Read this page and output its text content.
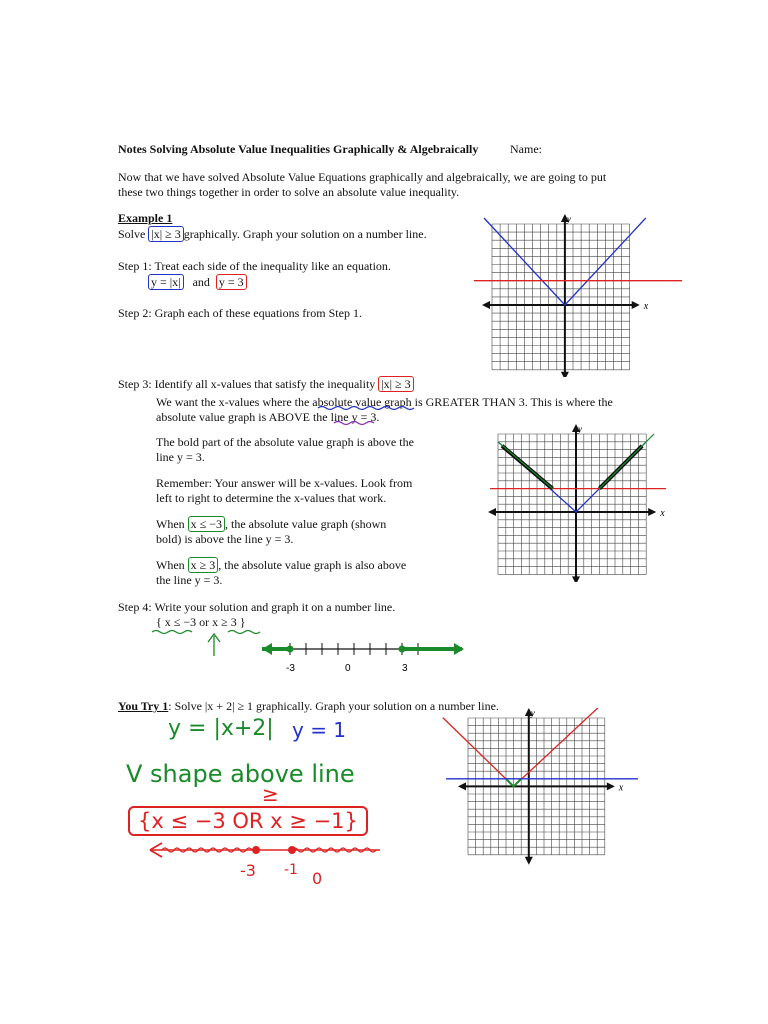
Notes Solving Absolute Value Inequalities Graphically & Algebraically	Name:
Now that we have solved Absolute Value Equations graphically and algebraically, we are going to put
these two things together in order to solve an absolute value inequality.
Example 1
Solve |x| ≥ 3 graphically. Graph your solution on a number line.
Step 1: Treat each side of the inequality like an equation.
y = |x| and y = 3
Step 2: Graph each of these equations from Step 1.
Step 3: Identify all x-values that satisfy the inequality |x| ≥ 3
We want the x-values where the absolute value graph is GREATER THAN 3. This is where the
absolute value graph is ABOVE the line y = 3.
The bold part of the absolute value graph is above the
line y = 3.
Remember: Your answer will be x-values. Look from
left to right to determine the x-values that work.
When x ≤ −3 , the absolute value graph (shown
bold) is above the line y = 3.
When x ≥ 3 , the absolute value graph is also above
the line y = 3.
Step 4: Write your solution and graph it on a number line.
{ x ≤ −3 or x ≥ 3 }
x
y
x
y
x
y
-3	0	3
You Try 1: Solve |x + 2| ≥ 1 graphically. Graph your solution on a number line.
y = |x+2| y = 1
V shape above line
≥
{x ≤ −3 OR x ≥ −1}
-3 -1 0
